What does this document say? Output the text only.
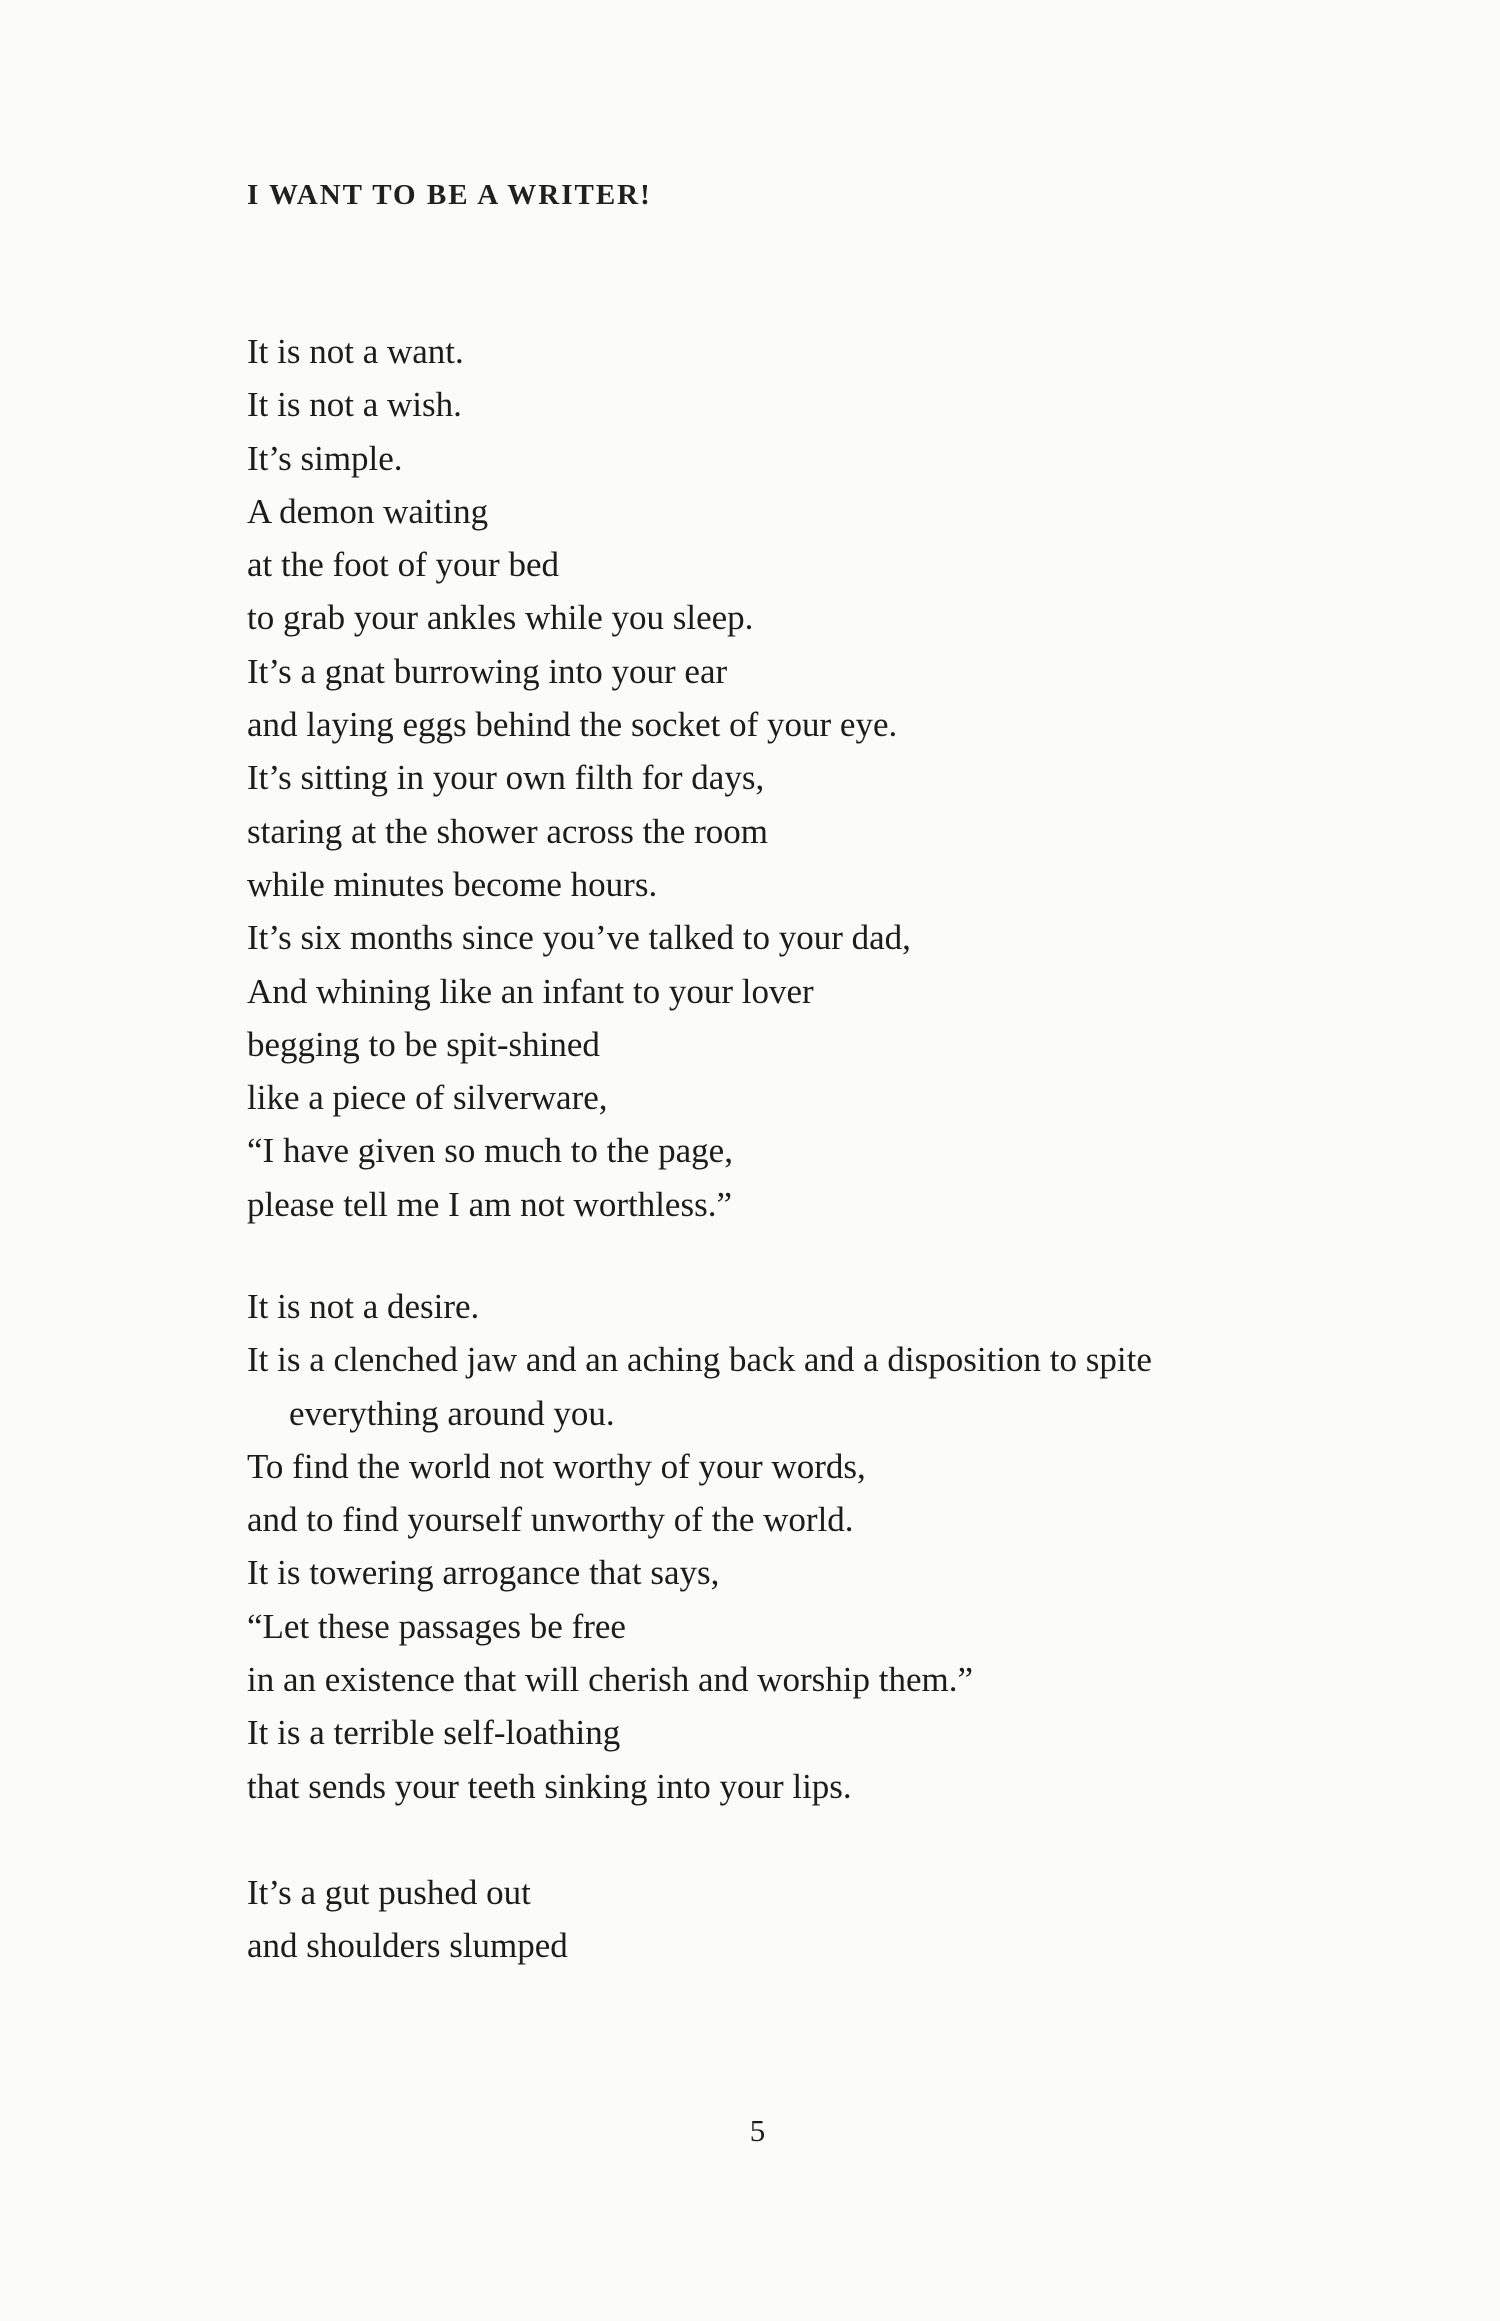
I WANT TO BE A WRITER!
It is not a want.
It is not a wish.
It’s simple.
A demon waiting
at the foot of your bed
to grab your ankles while you sleep.
It’s a gnat burrowing into your ear
and laying eggs behind the socket of your eye.
It’s sitting in your own filth for days,
staring at the shower across the room
while minutes become hours.
It’s six months since you’ve talked to your dad,
And whining like an infant to your lover
begging to be spit-shined
like a piece of silverware,
“I have given so much to the page,
please tell me I am not worthless.”
It is not a desire.
It is a clenched jaw and an aching back and a disposition to spite
everything around you.
To find the world not worthy of your words,
and to find yourself unworthy of the world.
It is towering arrogance that says,
“Let these passages be free
in an existence that will cherish and worship them.”
It is a terrible self-loathing
that sends your teeth sinking into your lips.
It’s a gut pushed out
and shoulders slumped
5
